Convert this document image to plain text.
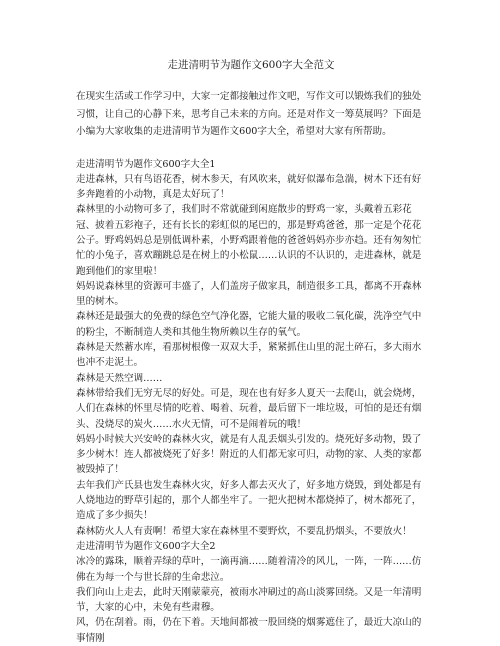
走进清明节为题作文600字大全范文

在现实生活或工作学习中，大家一定都接触过作文吧，写作文可以锻炼我们的独处习惯，让自己的心静下来，思考自己未来的方向。还是对作文一筹莫展吗？下面是小编为大家收集的走进清明节为题作文600字大全，希望对大家有所帮助。

走进清明节为题作文600字大全1

走进森林，只有鸟语花香，树木参天，有风吹来，就好似瀑布急湍，树木下还有好多奔跑着的小动物，真是太好玩了！

森林里的小动物可多了，我们时不常就碰到闲庭散步的野鸡一家，头戴着五彩花冠、披着五彩袍子，还有长长的彩虹似的尾巴的，那是野鸡爸爸，那一定是个花花公子。野鸡妈妈总是别低调朴素，小野鸡跟着他的爸爸妈妈亦步亦趋。还有匆匆忙忙的小兔子，喜欢蹦跳总是在树上的小松鼠……认识的不认识的，走进森林，就是跑到他们的家里啦！

妈妈说森林里的资源可丰盛了，人们盖房子做家具，制造很多工具，都离不开森林里的树木。

森林还是最强大的免费的绿色空气净化器，它能大量的吸收二氧化碳，洗净空气中的粉尘，不断制造人类和其他生物所赖以生存的氧气。

森林是天然蓄水库，看那树根像一双双大手，紧紧抓住山里的泥土碎石，多大雨水也冲不走泥土。

森林是天然空调……

森林带给我们无穷无尽的好处。可是，现在也有好多人夏天一去爬山，就会烧烤，人们在森林的怀里尽情的吃着、喝着、玩着，最后留下一堆垃圾，可怕的是还有烟头、没烧尽的炭火……水火无情，可不是闹着玩的哦！

妈妈小时候大兴安岭的森林火灾，就是有人乱丢烟头引发的。烧死好多动物，毁了多少树木！连人都被烧死了好多！附近的人们都无家可归，动物的家、人类的家都被毁掉了！

去年我们产氏县也发生森林火灾，好多人都去灭火了，好多地方烧毁，到处都是有人烧地边的野草引起的，那个人都坐牢了。一把火把树木都烧掉了，树木都死了，造成了多少损失！

森林防火人人有责啊！希望大家在森林里不要野炊，不要乱扔烟头，不要放火！

走进清明节为题作文600字大全2

冰冷的露珠，顺着弄绿的草叶，一滴再滴……随着清冷的风儿，一阵，一阵……仿佛在为每一个与世长辞的生命悲泣。

我们向山上走去，此时天刚蒙蒙亮，被雨水冲刷过的高山淡雾回绕。又是一年清明节，大家的心中，未免有些肃穆。

风，仍在刮着。雨，仍在下着。天地间都被一股回绕的烟雾遮住了，最近大凉山的事情刚
